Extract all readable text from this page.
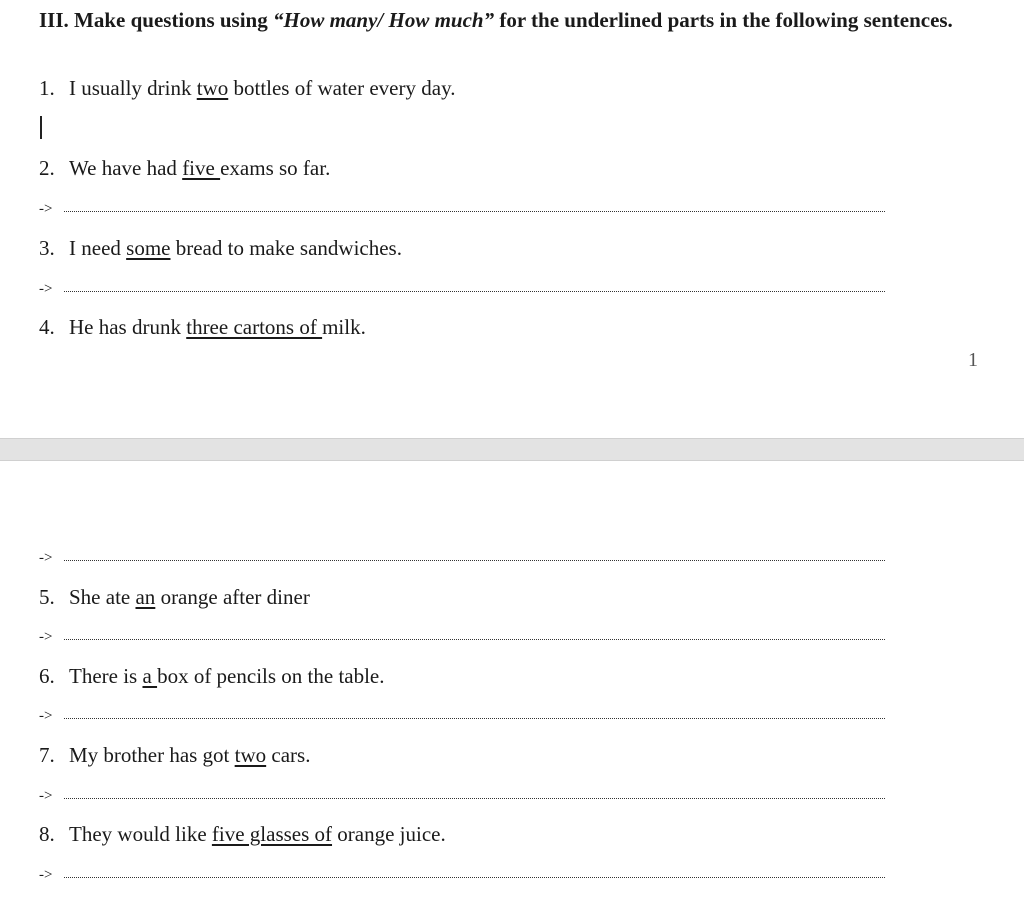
III. Make questions using “How many/ How much” for the underlined parts in the following sentences.
1. I usually drink two bottles of water every day.
2. We have had five exams so far.
->
3. I need some bread to make sandwiches.
->
4. He has drunk three cartons of milk.
1
->
5. She ate an orange after diner
->
6. There is a box of pencils on the table.
->
7. My brother has got two cars.
->
8. They would like five glasses of orange juice.
->
